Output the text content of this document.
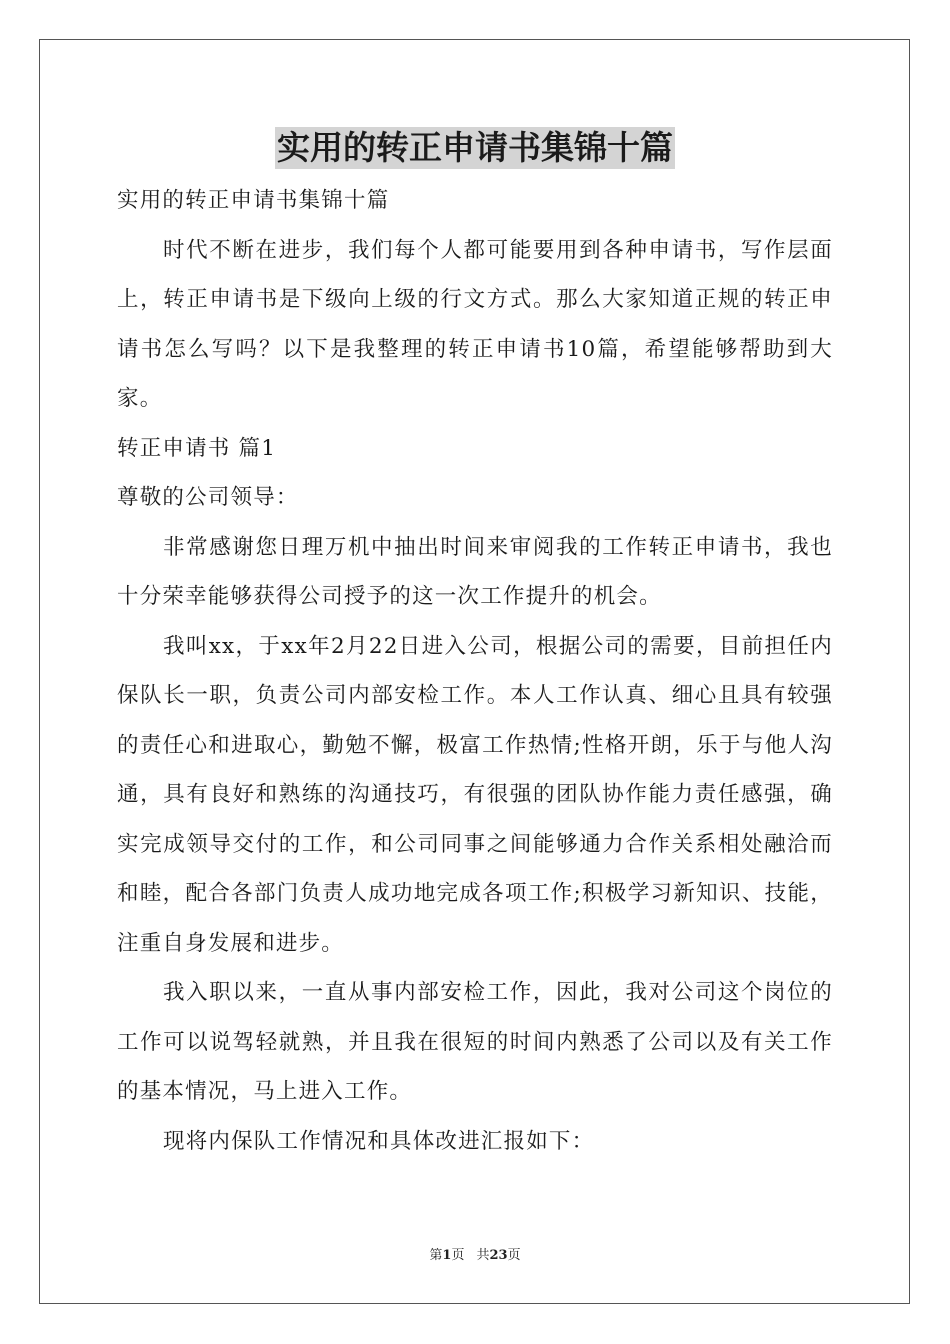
实用的转正申请书集锦十篇

实用的转正申请书集锦十篇

时代不断在进步，我们每个人都可能要用到各种申请书，写作层面上，转正申请书是下级向上级的行文方式。那么大家知道正规的转正申请书怎么写吗？以下是我整理的转正申请书10篇，希望能够帮助到大家。

转正申请书 篇1

尊敬的公司领导：

非常感谢您日理万机中抽出时间来审阅我的工作转正申请书，我也十分荣幸能够获得公司授予的这一次工作提升的机会。

我叫xx，于xx年2月22日进入公司，根据公司的需要，目前担任内保队长一职，负责公司内部安检工作。本人工作认真、细心且具有较强的责任心和进取心，勤勉不懈，极富工作热情;性格开朗，乐于与他人沟通，具有良好和熟练的沟通技巧，有很强的团队协作能力责任感强，确实完成领导交付的工作，和公司同事之间能够通力合作关系相处融洽而和睦，配合各部门负责人成功地完成各项工作;积极学习新知识、技能，注重自身发展和进步。

我入职以来，一直从事内部安检工作，因此，我对公司这个岗位的工作可以说驾轻就熟，并且我在很短的时间内熟悉了公司以及有关工作的基本情况，马上进入工作。

现将内保队工作情况和具体改进汇报如下：

第1页 共23页
